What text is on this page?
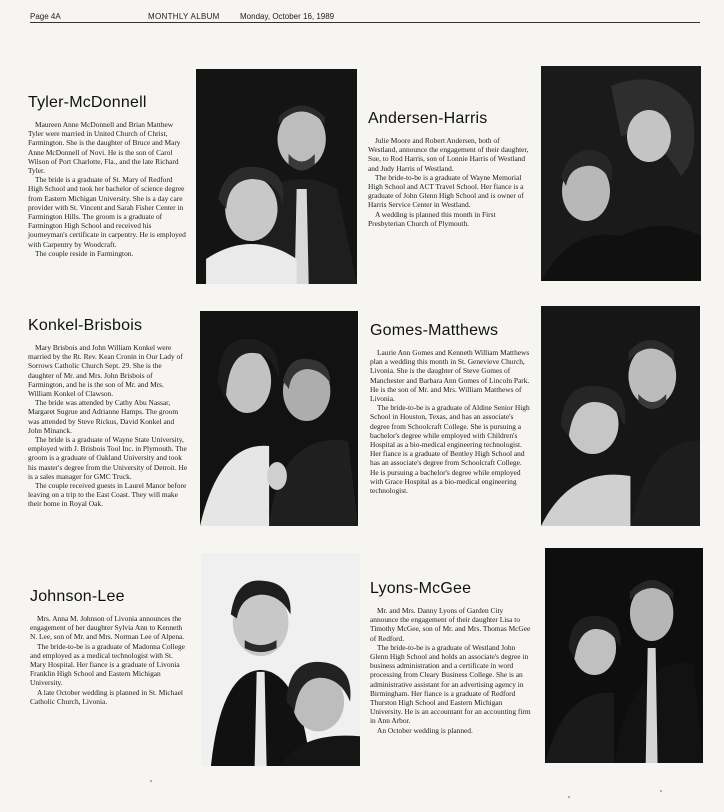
Page 4A	MONTHLY ALBUM	Monday, October 16, 1989
Tyler-McDonnell

Maureen Anne McDonnell and Brian Matthew Tyler were married in United Church of Christ, Farmington. She is the daughter of Bruce and Mary Anne McDonnell of Novi. He is the son of Carol Wilson of Port Charlotte, Fla., and the late Richard Tyler.

The bride is a graduate of St. Mary of Redford High School and took her bachelor of science degree from Eastern Michigan University. She is a day care provider with St. Vincent and Sarah Fisher Center in Farmington Hills. The groom is a graduate of Farmington High School and received his journeyman's certificate in carpentry. He is employed with Carpentry by Woodcraft.

The couple reside in Farmington.

Andersen-Harris

Julie Moore and Robert Andersen, both of Westland, announce the engagement of their daughter, Sue, to Rod Harris, son of Lonnie Harris of Westland and Judy Harris of Westland.

The bride-to-be is a graduate of Wayne Memorial High School and ACT Travel School. Her fiance is a graduate of John Glenn High School and is owner of Harris Service Center in Westland.

A wedding is planned this month in First Presbyterian Church of Plymouth.

Konkel-Brisbois

Mary Brisbois and John William Konkel were married by the Rt. Rev. Kean Cronin in Our Lady of Sorrows Catholic Church Sept. 29. She is the daughter of Mr. and Mrs. John Brisbois of Farmington, and he is the son of Mr. and Mrs. William Konkel of Clawson.

The bride was attended by Cathy Abu Nassar, Margaret Sugrue and Adrianne Hamps. The groom was attended by Steve Rickus, David Konkel and John Minanck.

The bride is a graduate of Wayne State University, employed with J. Brisbois Tool Inc. in Plymouth. The groom is a graduate of Oakland University and took his master's degree from the University of Detroit. He is a sales manager for GMC Truck.

The couple received guests in Laurel Manor before leaving on a trip to the East Coast. They will make their home in Royal Oak.

Gomes-Matthews

Laurie Ann Gomes and Kenneth William Matthews plan a wedding this month in St. Genevieve Church, Livonia. She is the daughter of Steve Gomes of Manchester and Barbara Ann Gomes of Lincoln Park. He is the son of Mr. and Mrs. William Matthews of Livonia.

The bride-to-be is a graduate of Aldine Senior High School in Houston, Texas, and has an associate's degree from Schoolcraft College. She is pursuing a bachelor's degree while employed with Children's Hospital as a bio-medical engineering technologist. Her fiance is a graduate of Bentley High School and has an associate's degree from Schoolcraft College. He is pursuing a bachelor's degree while employed with Grace Hospital as a bio-medical engineering technologist.

Johnson-Lee

Mrs. Anna M. Johnson of Livonia announces the engagement of her daughter Sylvia Ann to Kenneth N. Lee, son of Mr. and Mrs. Norman Lee of Alpena.

The bride-to-be is a graduate of Madonna College and employed as a medical technologist with St. Mary Hospital. Her fiance is a graduate of Livonia Franklin High School and Eastern Michigan University.

A late October wedding is planned in St. Michael Catholic Church, Livonia.

Lyons-McGee

Mr. and Mrs. Danny Lyons of Garden City announce the engagement of their daughter Lisa to Timothy McGee, son of Mr. and Mrs. Thomas McGee of Redford.

The bride-to-be is a graduate of Westland John Glenn High School and holds an associate's degree in business administration and a certificate in word processing from Cleary Business College. She is an administrative assistant for an advertising agency in Birmingham. Her fiance is a graduate of Redford Thurston High School and Eastern Michigan University. He is an accountant for an accounting firm in Ann Arbor.

An October wedding is planned.
